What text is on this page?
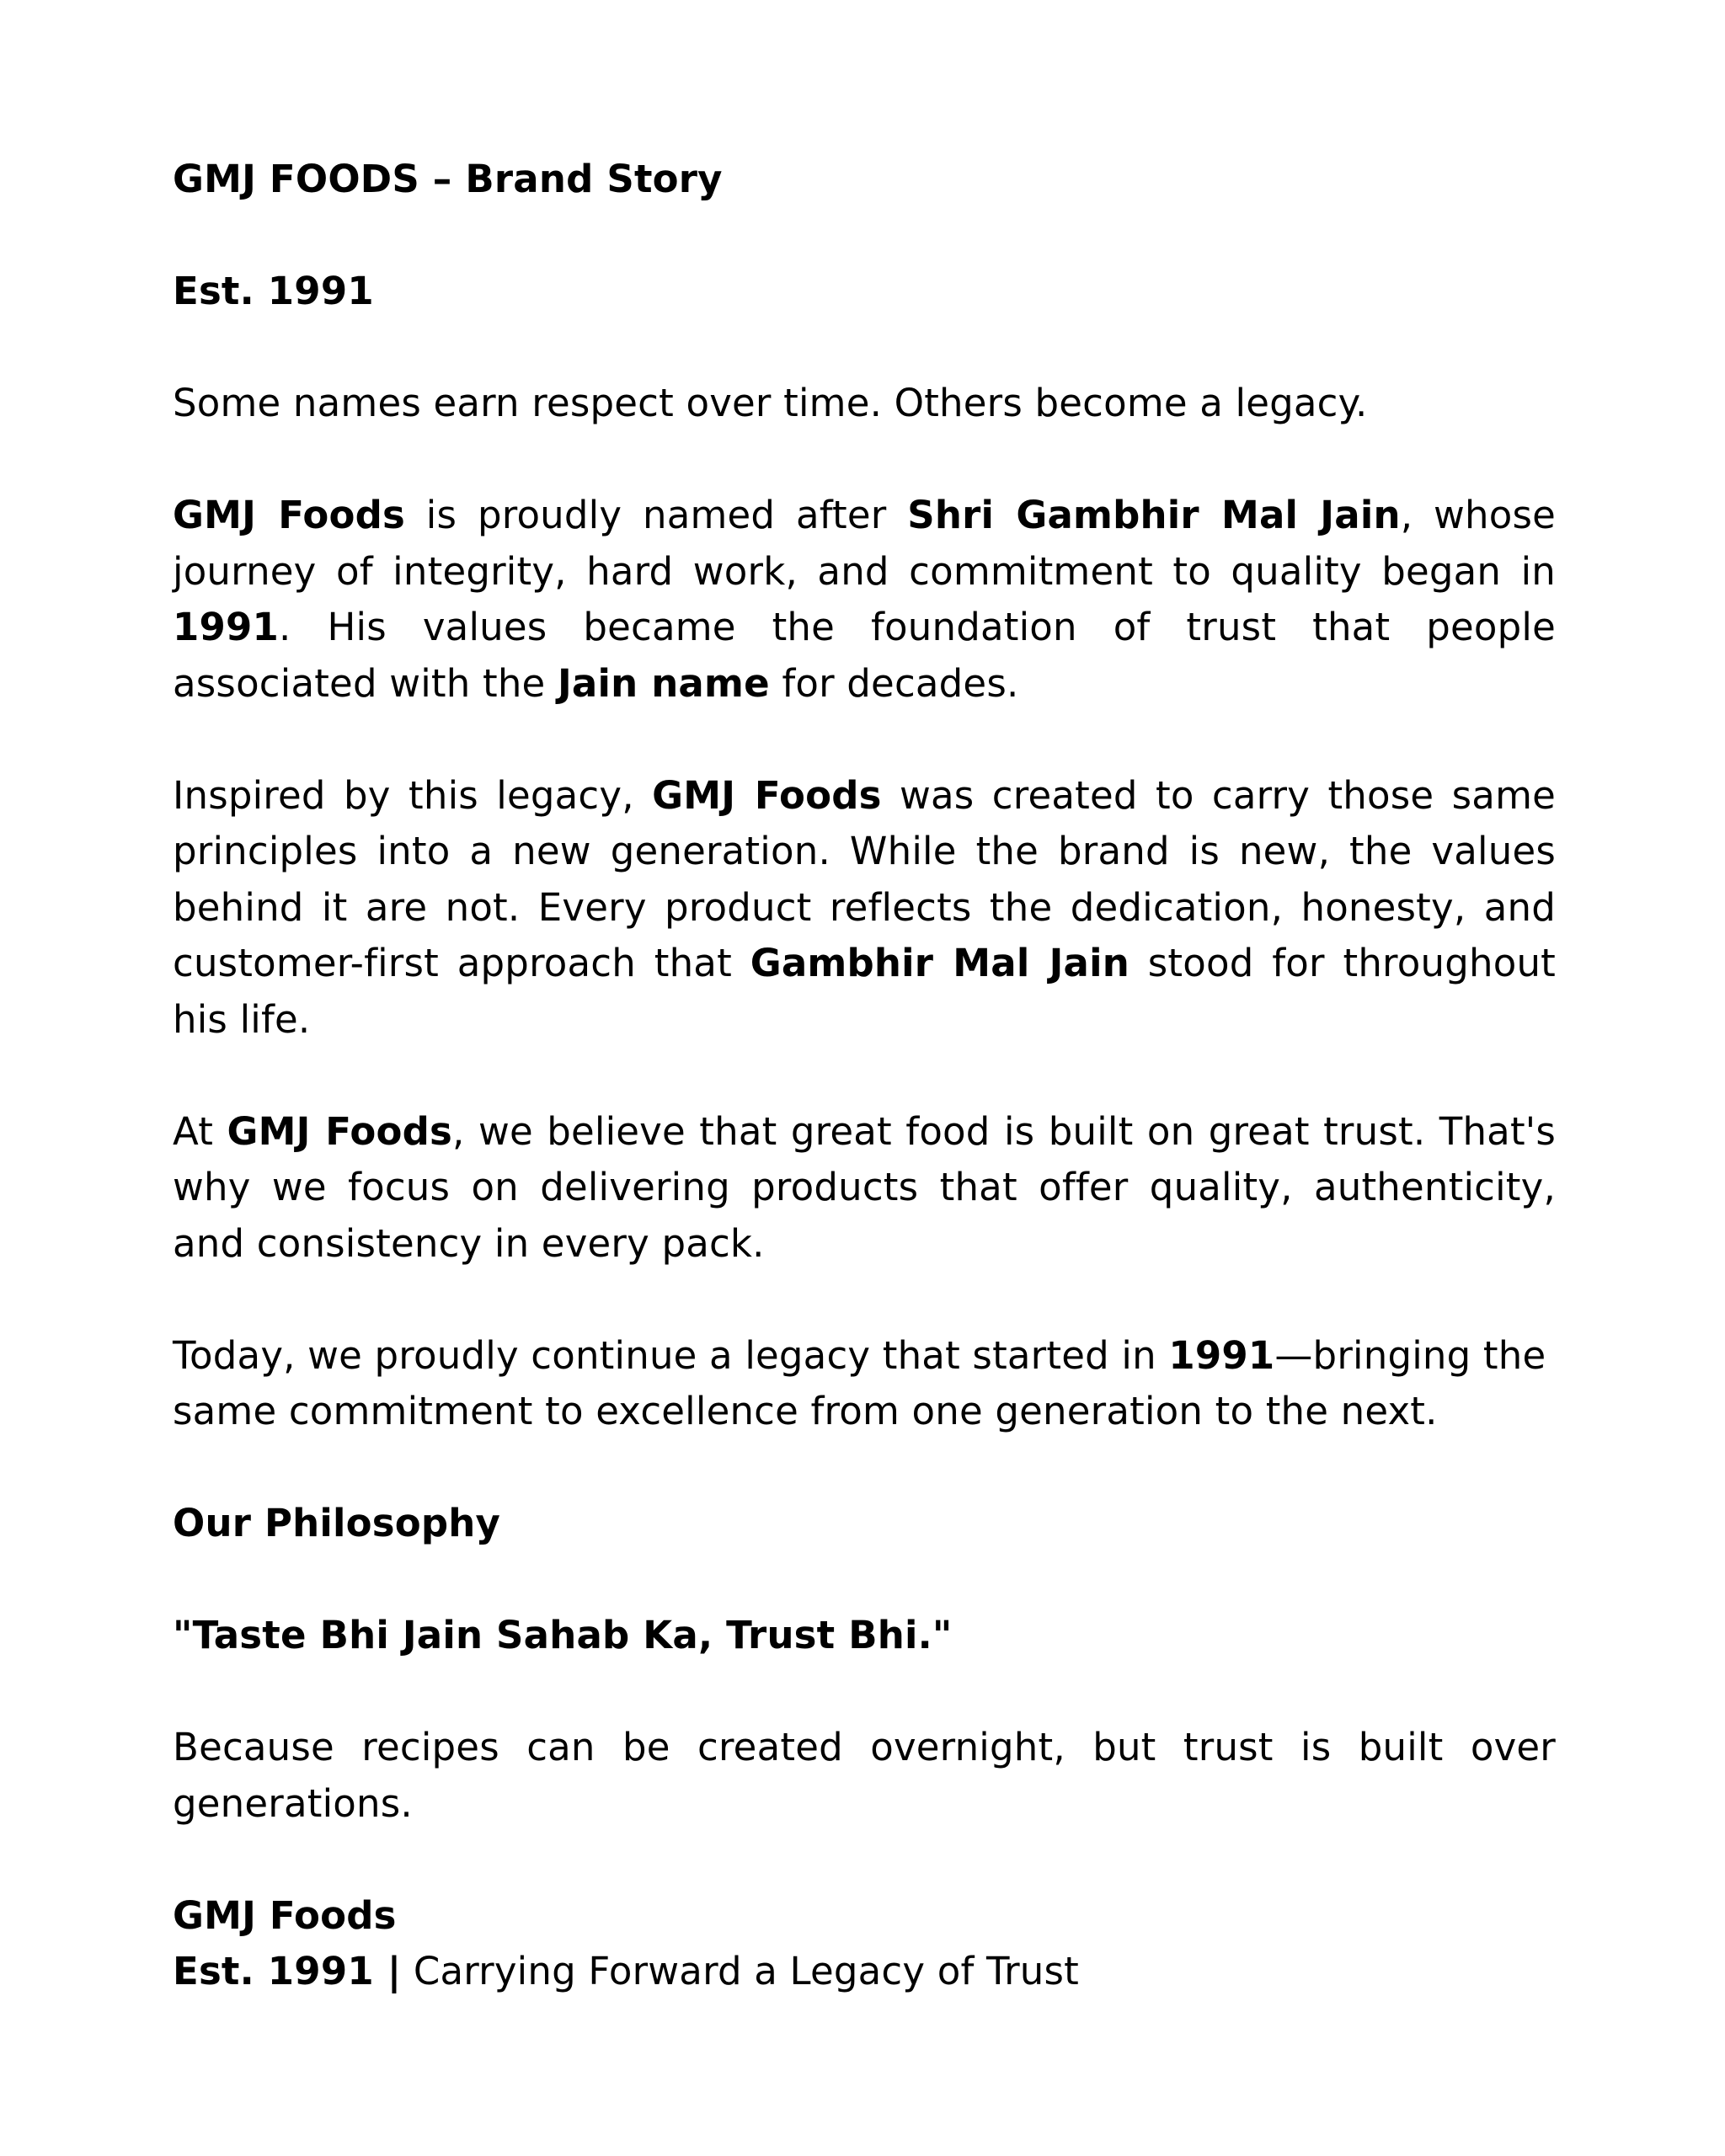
GMJ FOODS – Brand Story
Est. 1991
Some names earn respect over time. Others become a legacy.
GMJ Foods is proudly named after Shri Gambhir Mal Jain, whose
journey of integrity, hard work, and commitment to quality began in
1991. His values became the foundation of trust that people
associated with the Jain name for decades.
Inspired by this legacy, GMJ Foods was created to carry those same
principles into a new generation. While the brand is new, the values
behind it are not. Every product reflects the dedication, honesty, and
customer-first approach that Gambhir Mal Jain stood for throughout
his life.
At GMJ Foods, we believe that great food is built on great trust. That's
why we focus on delivering products that offer quality, authenticity,
and consistency in every pack.
Today, we proudly continue a legacy that started in 1991—bringing the
same commitment to excellence from one generation to the next.
Our Philosophy
"Taste Bhi Jain Sahab Ka, Trust Bhi."
Because recipes can be created overnight, but trust is built over
generations.
GMJ Foods
Est. 1991 | Carrying Forward a Legacy of Trust
